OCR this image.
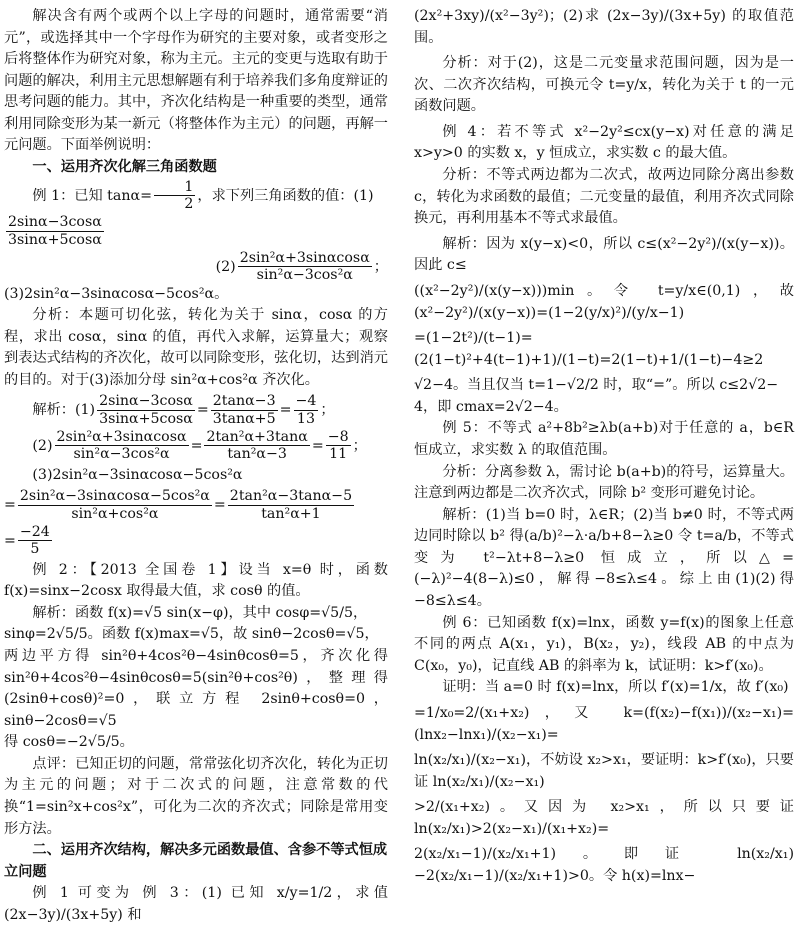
解决含有两个或两个以上字母的问题时，通常需要“消元”，或选择其中一个字母作为研究的主要对象，或者变形之后将整体作为研究对象，称为主元。主元的变更与选取有助于问题的解决，利用主元思想解题有利于培养我们多角度辩证的思考问题的能力。其中，齐次化结构是一种重要的类型，通常利用同除变形为某一新元（将整体作为主元）的问题，再解一元问题。下面举例说明：

一、运用齐次化解三角函数题

例 1：已知 $\tan\alpha= \frac{1}{2}$ ，求下列三角函数的值：(1)

$\frac{2\sin\alpha-3\cos\alpha}{3\sin\alpha+5\cos\alpha}$

$(2) \frac{\text{2sin²α+3sinαcosα}}{\text{sin²α−3cos²α}}$ ；(3)2sin²α−3sinαcosα−5cos²α。

分析：本题可切化弦，转化为关于 sinα，cosα 的方程，求出 cosα，sinα 的值，再代入求解，运算量大；观察到表达式结构的齐次化，故可以同除变形，弦化切，达到消元的目的。对于(3)添加分母 sin²α+cos²α 齐次化。

解析：$(1) \frac{2\sin\alpha-3\cos\alpha}{3\sin\alpha+5\cos\alpha} = \frac{2\tan\alpha-3}{3\tan\alpha+5} = \frac{-4}{13}$ ；
$(2) \frac{\text{2sin²α+3sinαcosα}}{\text{sin²α−3cos²α}} = \frac{\text{2tan²α+3tanα}}{\text{tan²α−3}} = \frac{-8}{11}$ ；
(3)2sin²α−3sinαcosα−5cos²α
= $\frac{\text{2sin²α−3sinαcosα−5cos²α}}{\text{sin²α+cos²α}} = \frac{\text{2tan²α−3tanα−5}}{\text{tan²α+1}}$
= $\frac{-24}{5}$

例 2：【2013 全国卷 1】设当 x=θ 时，函数 f(x)=sinx−2cosx 取得最大值，求 cosθ 的值。

解析：函数 f(x)=√5 sin(x−φ)，其中 cosφ=√5/5，

sinφ=2√5/5。函数 f(x)max=√5，故 sinθ−2cosθ=√5，

两边平方得 sin²θ+4cos²θ−4sinθcosθ=5，齐次化得 sin²θ+4cos²θ−4sinθcosθ=5(sin²θ+cos²θ)，整理得(2sinθ+cosθ)²=0，联立方程 2sinθ+cosθ=0，sinθ−2cosθ=√5

得 cosθ=−2√5/5。

点评：已知正切的问题，常常弦化切齐次化，转化为正切为主元的问题；对于二次式的问题，注意常数的代换“1=sin²x+cos²x”，可化为二次的齐次式；同除是常用变形方法。

二、运用齐次结构，解决多元函数最值、含参不等式恒成立问题

例 1 可变为 例 3：(1) 已知 x/y=1/2，求值 (2x−3y)/(3x+5y) 和

(2x²+3xy)/(x²−3y²)；(2)求 (2x−3y)/(3x+5y) 的取值范围。

分析：对于(2)，这是二元变量求范围问题，因为是一次、二次齐次结构，可换元令 t=y/x，转化为关于 t 的一元函数问题。

例 4：若不等式 x²−2y²≤cx(y−x)对任意的满足 x>y>0 的实数 x，y 恒成立，求实数 c 的最大值。

分析：不等式两边都为二次式，故两边同除分离出参数 c，转化为求函数的最值；二元变量的最值，利用齐次式同除换元，再利用基本不等式求最值。

解析：因为 x(y−x)<0，所以 c≤(x²−2y²)/(x(y−x))。因此 c≤

((x²−2y²)/(x(y−x)))min。令 t=y/x∈(0,1)，故 (x²−2y²)/(x(y−x))=(1−2(y/x)²)/(y/x−1)

=(1−2t²)/(t−1)=(2(1−t)²+4(t−1)+1)/(1−t)=2(1−t)+1/(1−t)−4≥2

√2−4。当且仅当 t=1−√2/2 时，取“=”。所以 c≤2√2−

4，即 cmax=2√2−4。

例 5：不等式 a²+8b²≥λb(a+b)对于任意的 a，b∈R 恒成立，求实数 λ 的取值范围。

分析：分离参数 λ，需讨论 b(a+b)的符号，运算量大。注意到两边都是二次齐次式，同除 b² 变形可避免讨论。

解析：(1)当 b=0 时，λ∈R；(2)当 b≠0 时，不等式两边同时除以 b² 得(a/b)²−λ·a/b+8−λ≥0 令 t=a/b，不等式变为 t²−λt+8−λ≥0 恒成立，所以△=(−λ)²−4(8−λ)≤0，解得−8≤λ≤4。综上由(1)(2)得−8≤λ≤4。

例 6：已知函数 f(x)=lnx，函数 y=f(x)的图象上任意不同的两点 A(x₁，y₁)，B(x₂，y₂)，线段 AB 的中点为 C(x₀，y₀)，记直线 AB 的斜率为 k，试证明：k>f′(x₀)。

证明：当 a=0 时 f(x)=lnx，所以 f′(x)=1/x，故 f′(x₀)

=1/x₀=2/(x₁+x₂)，又 k=(f(x₂)−f(x₁))/(x₂−x₁)=(lnx₂−lnx₁)/(x₂−x₁)=

ln(x₂/x₁)/(x₂−x₁)，不妨设 x₂>x₁，要证明：k>f′(x₀)，只要证 ln(x₂/x₁)/(x₂−x₁)

>2/(x₁+x₂)。又因为 x₂>x₁，所以只要证 ln(x₂/x₁)>2(x₂−x₁)/(x₁+x₂)=

2(x₂/x₁−1)/(x₂/x₁+1)。即证 ln(x₂/x₁)−2(x₂/x₁−1)/(x₂/x₁+1)>0。令 h(x)=lnx−
